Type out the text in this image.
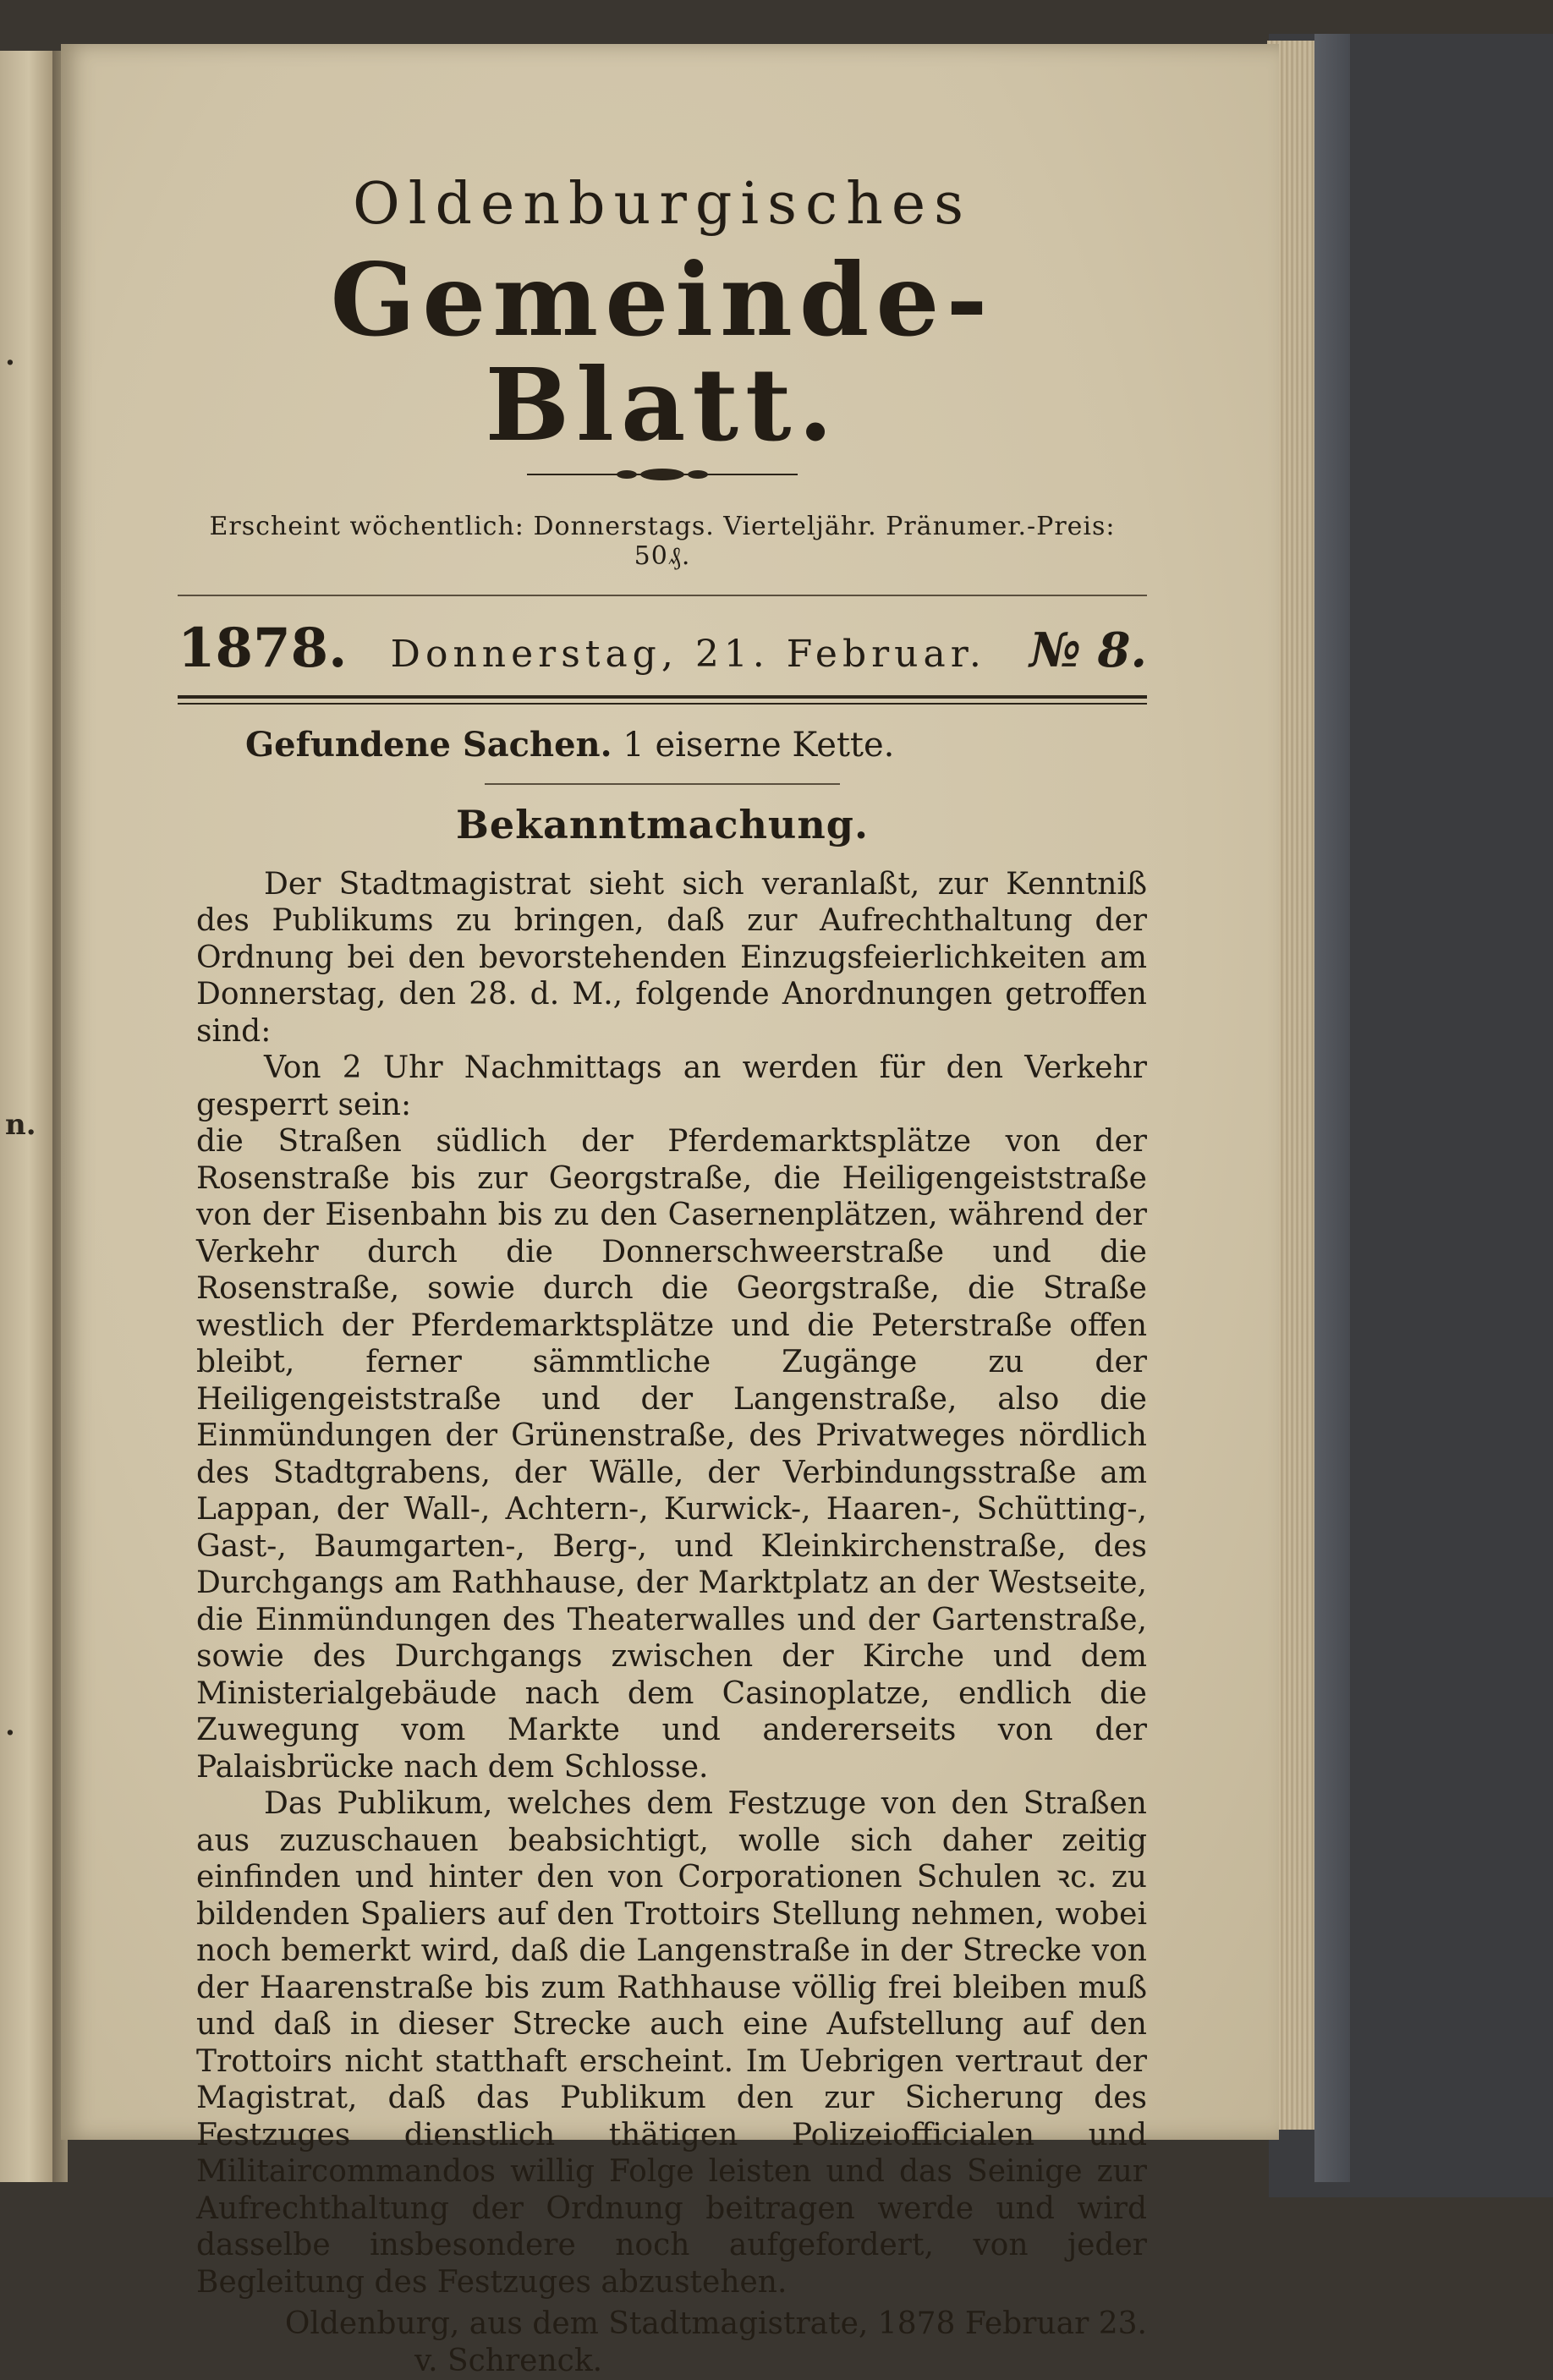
.
n.
.
Oldenburgisches
Gemeinde-Blatt.
Erscheint wöchentlich: Donnerstags. Vierteljähr. Pränumer.-Preis: 50₰.
1878. Donnerstag, 21. Februar. № 8.
Gefundene Sachen. 1 eiserne Kette.
Bekanntmachung.

Der Stadtmagistrat sieht sich veranlaßt, zur Kenntniß des Publikums zu bringen, daß zur Aufrechthaltung der Ordnung bei den bevorstehenden Einzugsfeierlichkeiten am Donnerstag, den 28. d. M., folgende Anordnungen getroffen sind:

Von 2 Uhr Nachmittags an werden für den Verkehr gesperrt sein:

die Straßen südlich der Pferdemarktsplätze von der Rosenstraße bis zur Georgstraße, die Heiligengeiststraße von der Eisenbahn bis zu den Casernenplätzen, während der Verkehr durch die Donnerschweerstraße und die Rosenstraße, sowie durch die Georgstraße, die Straße westlich der Pferdemarktsplätze und die Peterstraße offen bleibt, ferner sämmtliche Zugänge zu der Heiligengeiststraße und der Langenstraße, also die Einmündungen der Grünenstraße, des Privatweges nördlich des Stadtgrabens, der Wälle, der Verbindungsstraße am Lappan, der Wall-, Achtern-, Kurwick-, Haaren-, Schütting-, Gast-, Baumgarten-, Berg-, und Kleinkirchenstraße, des Durchgangs am Rathhause, der Marktplatz an der Westseite, die Einmündungen des Theaterwalles und der Gartenstraße, sowie des Durchgangs zwischen der Kirche und dem Ministerialgebäude nach dem Casinoplatze, endlich die Zuwegung vom Markte und andererseits von der Palaisbrücke nach dem Schlosse.

Das Publikum, welches dem Festzuge von den Straßen aus zuzuschauen beabsichtigt, wolle sich daher zeitig einfinden und hinter den von Corporationen Schulen ꝛc. zu bildenden Spaliers auf den Trottoirs Stellung nehmen, wobei noch bemerkt wird, daß die Langenstraße in der Strecke von der Haarenstraße bis zum Rathhause völlig frei bleiben muß und daß in dieser Strecke auch eine Aufstellung auf den Trottoirs nicht statthaft erscheint. Im Uebrigen vertraut der Magistrat, daß das Publikum den zur Sicherung des Festzuges dienstlich thätigen Polizeiofficialen und Militaircommandos willig Folge leisten und das Seinige zur Aufrechthaltung der Ordnung beitragen werde und wird dasselbe insbesondere noch aufgefordert, von jeder Begleitung des Festzuges abzustehen.

Oldenburg, aus dem Stadtmagistrate, 1878 Februar 23.
v. Schrenck.
